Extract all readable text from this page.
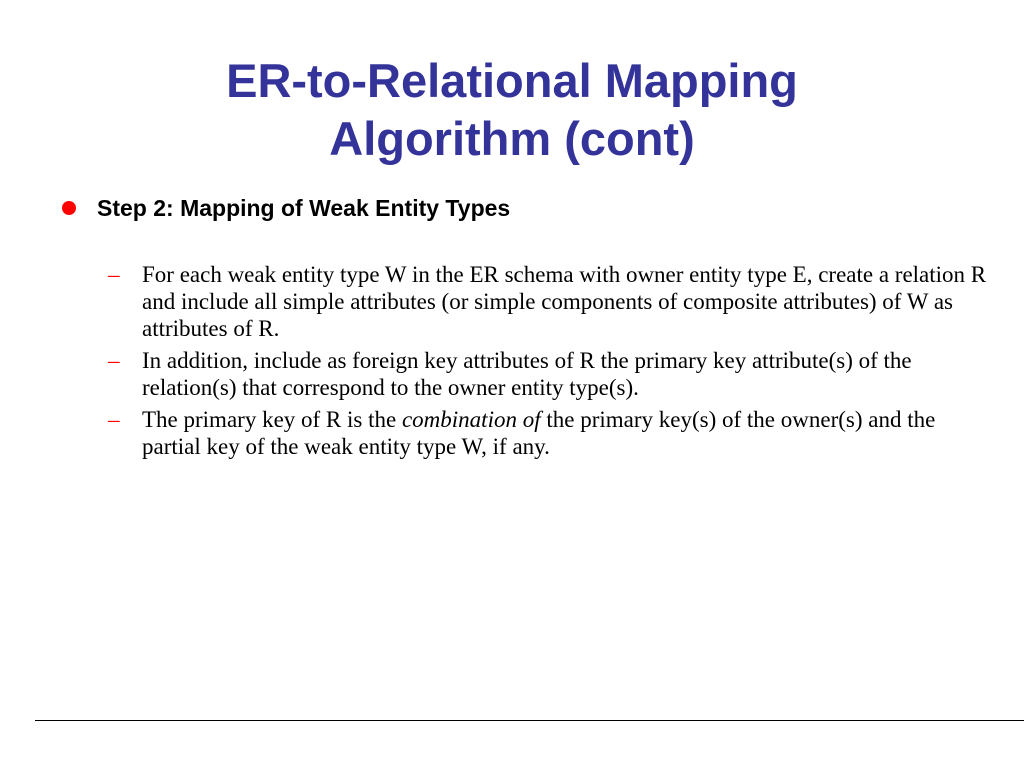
ER-to-Relational Mapping
Algorithm (cont)
Step 2: Mapping of Weak Entity Types
– For each weak entity type W in the ER schema with owner entity type E, create a relation R and include all simple attributes (or simple components of composite attributes) of W as attributes of R.
– In addition, include as foreign key attributes of R the primary key attribute(s) of the relation(s) that correspond to the owner entity type(s).
– The primary key of R is the combination of the primary key(s) of the owner(s) and the partial key of the weak entity type W, if any.
